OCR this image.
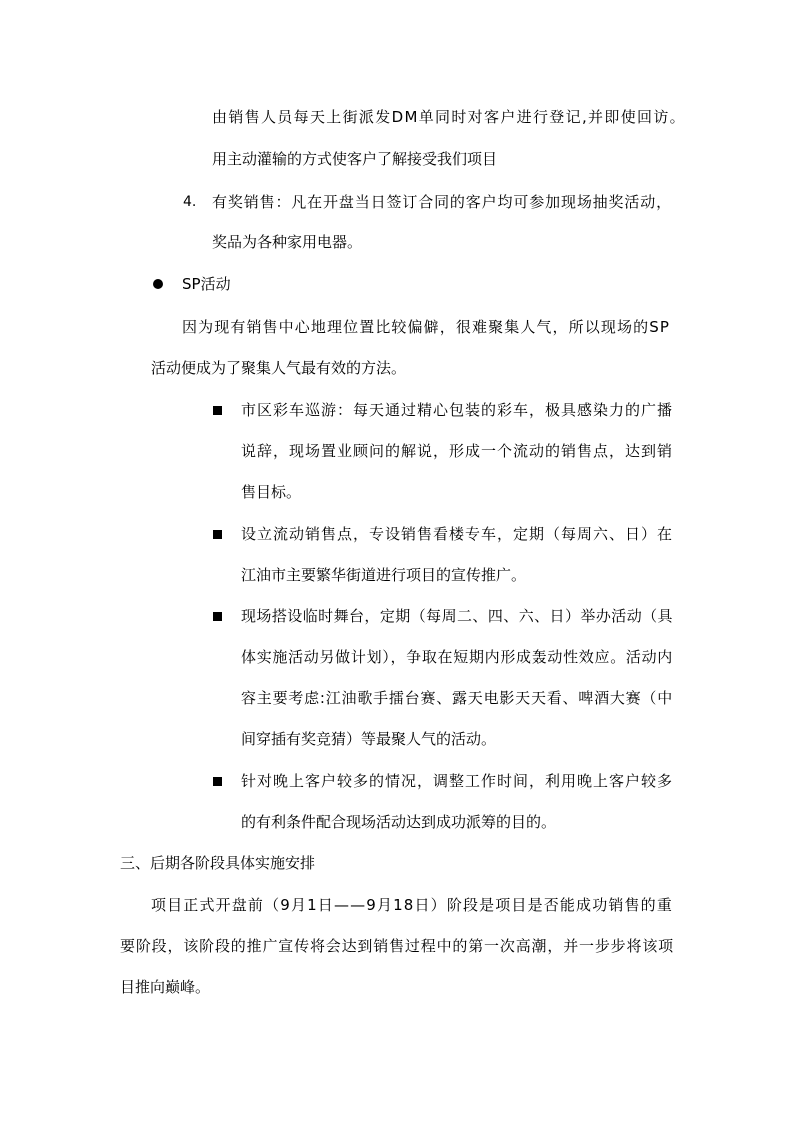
由销售人员每天上街派发DM单同时对客户进行登记,并即使回访。
用主动灌输的方式使客户了解接受我们项目
4. 有奖销售：凡在开盘当日签订合同的客户均可参加现场抽奖活动，
奖品为各种家用电器。
SP活动
因为现有销售中心地理位置比较偏僻，很难聚集人气，所以现场的SP
活动便成为了聚集人气最有效的方法。
市区彩车巡游：每天通过精心包装的彩车，极具感染力的广播
说辞，现场置业顾问的解说，形成一个流动的销售点，达到销
售目标。
设立流动销售点，专设销售看楼专车，定期（每周六、日）在
江油市主要繁华街道进行项目的宣传推广。
现场搭设临时舞台，定期（每周二、四、六、日）举办活动（具
体实施活动另做计划），争取在短期内形成轰动性效应。活动内
容主要考虑:江油歌手擂台赛、露天电影天天看、啤酒大赛（中
间穿插有奖竞猜）等最聚人气的活动。
针对晚上客户较多的情况，调整工作时间，利用晚上客户较多
的有利条件配合现场活动达到成功派筹的目的。
三、后期各阶段具体实施安排
项目正式开盘前（9月1日——9月18日）阶段是项目是否能成功销售的重
要阶段，该阶段的推广宣传将会达到销售过程中的第一次高潮，并一步步将该项
目推向巅峰。
